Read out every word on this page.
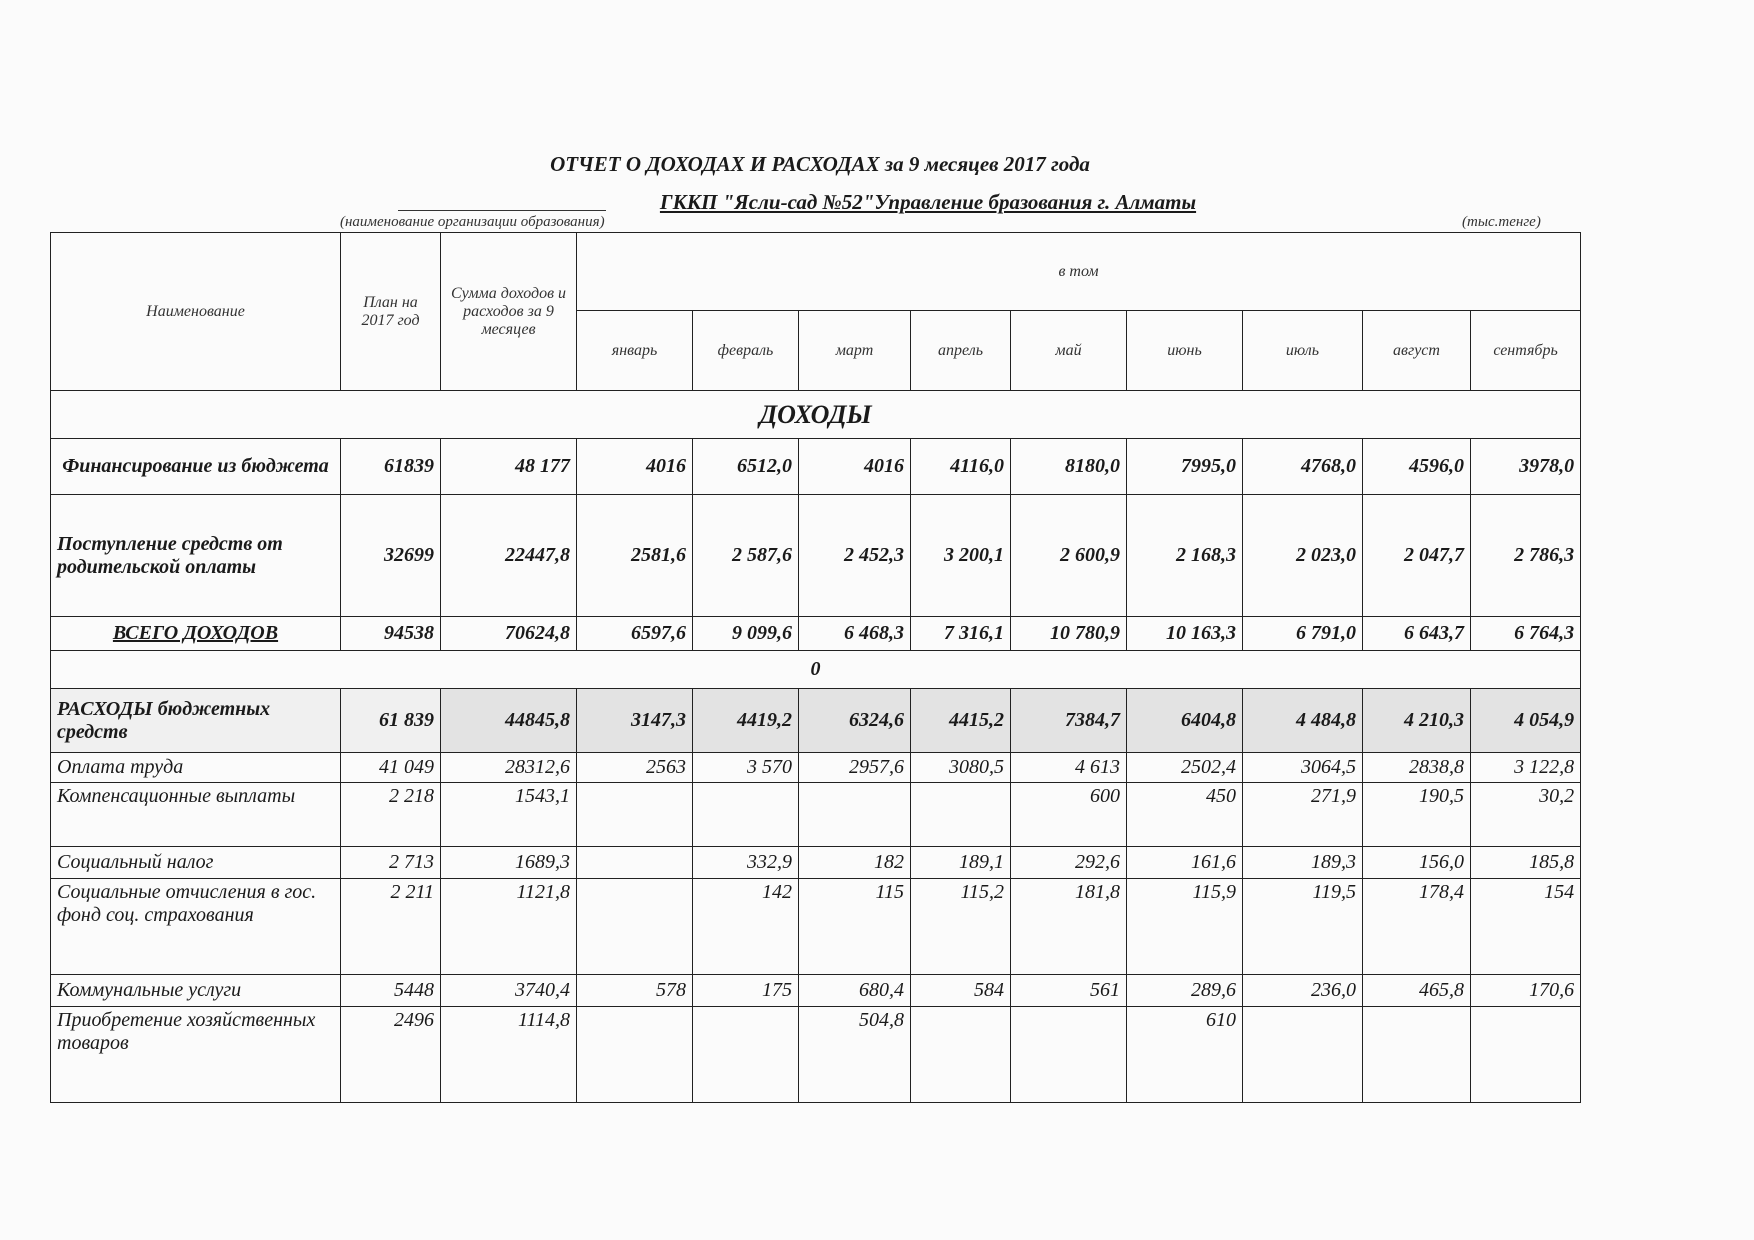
ОТЧЕТ О ДОХОДАХ И РАСХОДАХ за 9 месяцев 2017 года
ГККП "Ясли-сад №52"Управление бразования г. Алматы
(наименование организации образования)	(тыс.тенге)
Наименование	План на 2017 год	Сумма доходов и расходов за 9 месяцев	в том								
			январь	февраль	март	апрель	май	июнь	июль	август	сентябрь
ДОХОДЫ											
Финансирование из бюджета	61839	48 177	4016	6512,0	4016	4116,0	8180,0	7995,0	4768,0	4596,0	3978,0
Поступление средств от родительской оплаты	32699	22447,8	2581,6	2 587,6	2 452,3	3 200,1	2 600,9	2 168,3	2 023,0	2 047,7	2 786,3
ВСЕГО ДОХОДОВ	94538	70624,8	6597,6	9 099,6	6 468,3	7 316,1	10 780,9	10 163,3	6 791,0	6 643,7	6 764,3
0											
РАСХОДЫ бюджетных средств	61 839	44845,8	3147,3	4419,2	6324,6	4415,2	7384,7	6404,8	4 484,8	4 210,3	4 054,9
Оплата труда	41 049	28312,6	2563	3 570	2957,6	3080,5	4 613	2502,4	3064,5	2838,8	3 122,8
Компенсационные выплаты	2 218	1543,1					600	450	271,9	190,5	30,2
Социальный налог	2 713	1689,3		332,9	182	189,1	292,6	161,6	189,3	156,0	185,8
Социальные отчисления в гос. фонд соц. страхования	2 211	1121,8		142	115	115,2	181,8	115,9	119,5	178,4	154
Коммунальные услуги	5448	3740,4	578	175	680,4	584	561	289,6	236,0	465,8	170,6
Приобретение хозяйственных товаров	2496	1114,8			504,8			610			
